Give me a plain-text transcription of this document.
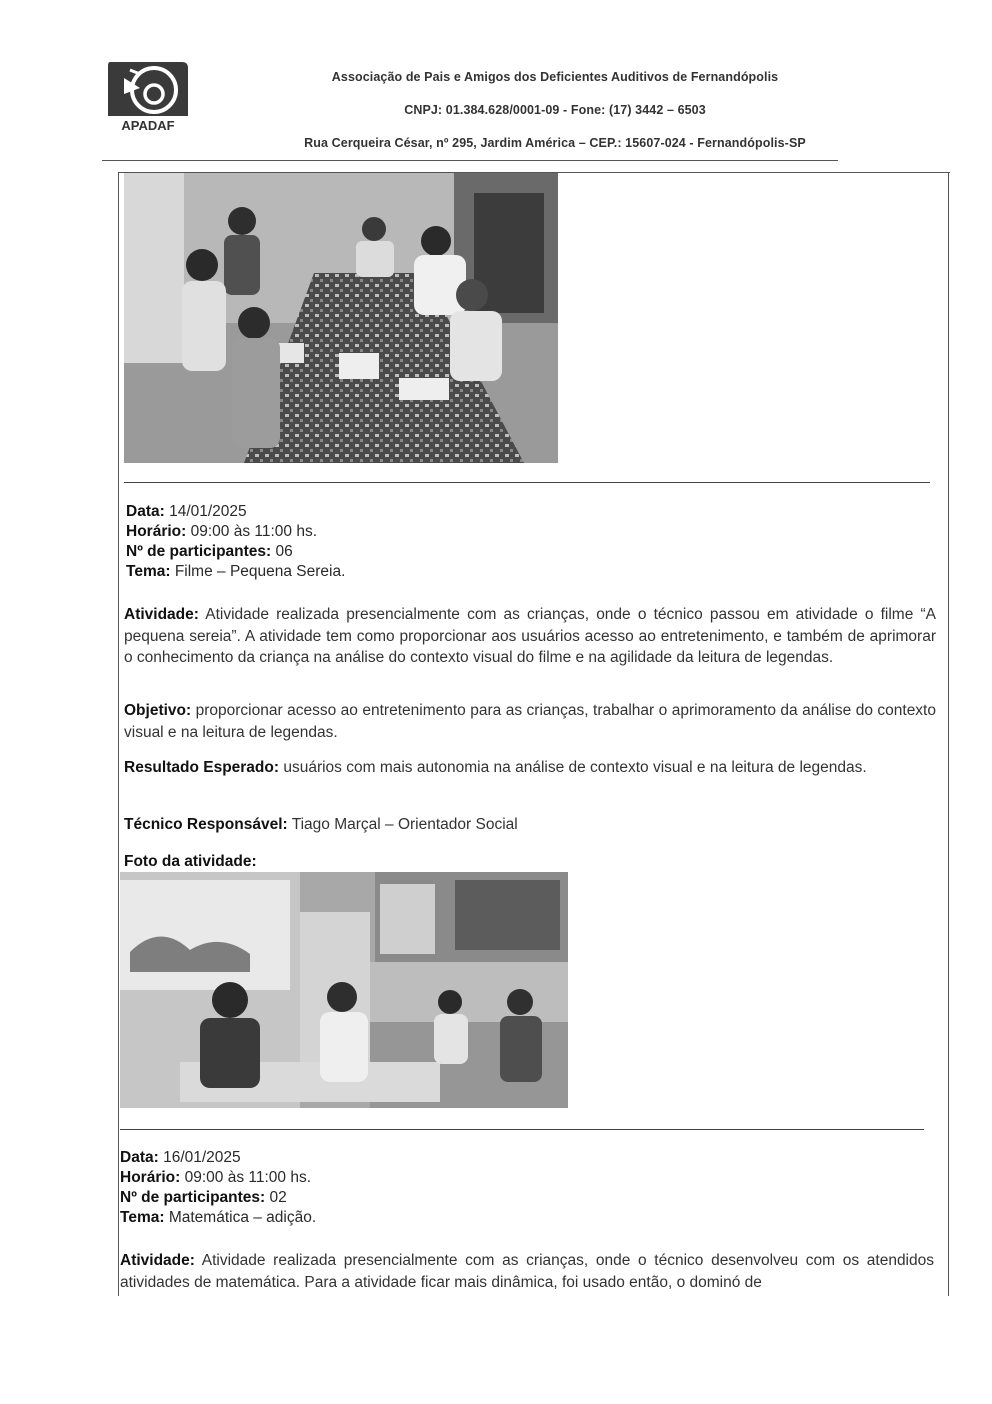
APADAF
Associação de Pais e Amigos dos Deficientes Auditivos de Fernandópolis
CNPJ: 01.384.628/0001-09 - Fone: (17) 3442 – 6503
Rua Cerqueira César, nº 295, Jardim América – CEP.: 15607-024 - Fernandópolis-SP
Data: 14/01/2025
Horário: 09:00 às 11:00 hs.
Nº de participantes: 06
Tema: Filme – Pequena Sereia.
Atividade: Atividade realizada presencialmente com as crianças, onde o técnico passou em atividade o filme “A pequena sereia”. A atividade tem como proporcionar aos usuários acesso ao entretenimento, e também de aprimorar o conhecimento da criança na análise do contexto visual do filme e na agilidade da leitura de legendas.
Objetivo: proporcionar acesso ao entretenimento para as crianças, trabalhar o aprimoramento da análise do contexto visual e na leitura de legendas.
Resultado Esperado: usuários com mais autonomia na análise de contexto visual e na leitura de legendas.
Técnico Responsável: Tiago Marçal – Orientador Social
Foto da atividade:
Data: 16/01/2025
Horário: 09:00 às 11:00 hs.
Nº de participantes: 02
Tema: Matemática – adição.
Atividade: Atividade realizada presencialmente com as crianças, onde o técnico desenvolveu com os atendidos atividades de matemática. Para a atividade ficar mais dinâmica, foi usado então, o dominó de
